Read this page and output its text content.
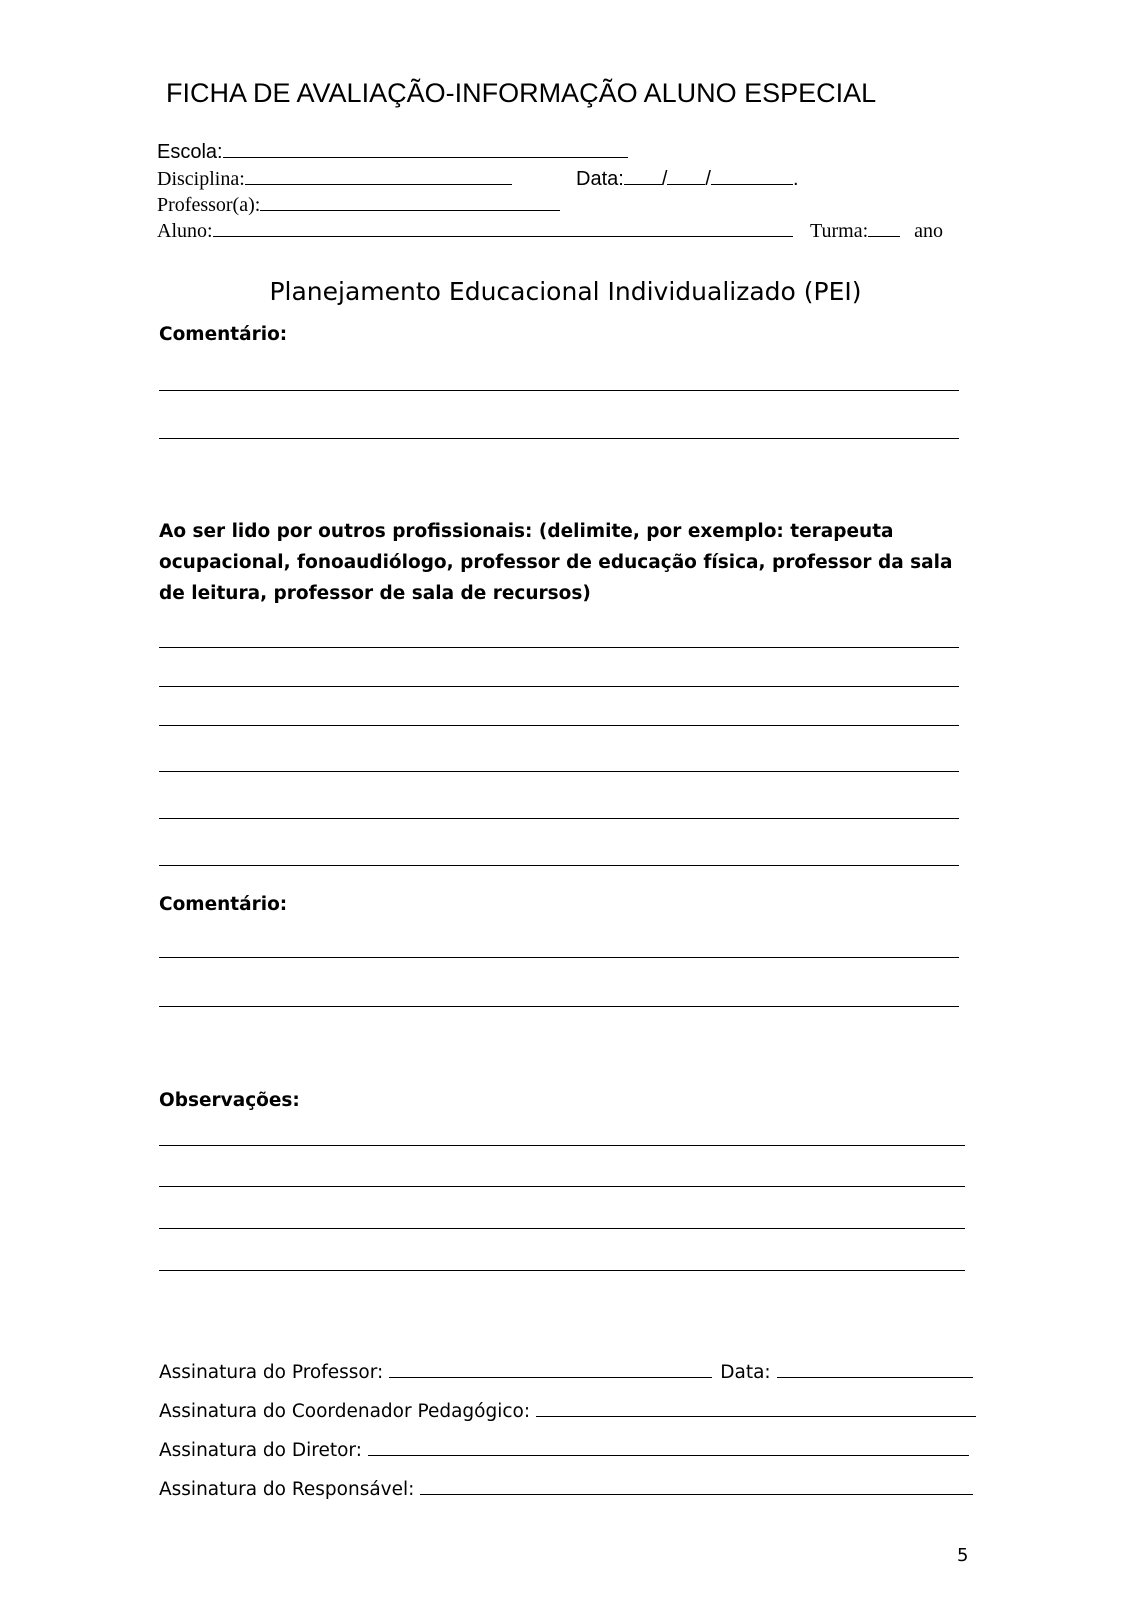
FICHA DE AVALIAÇÃO-INFORMAÇÃO ALUNO ESPECIAL
Escola:
Disciplina:	Data: / /	.
Professor(a):
Aluno:	Turma: ano
Planejamento Educacional Individualizado (PEI)
Comentário:
Ao ser lido por outros profissionais: (delimite, por exemplo: terapeuta ocupacional, fonoaudiólogo, professor de educação física, professor da sala de leitura, professor de sala de recursos)
Comentário:
Observações:
Assinatura do Professor:	Data:
Assinatura do Coordenador Pedagógico:
Assinatura do Diretor:
Assinatura do Responsável:
5
